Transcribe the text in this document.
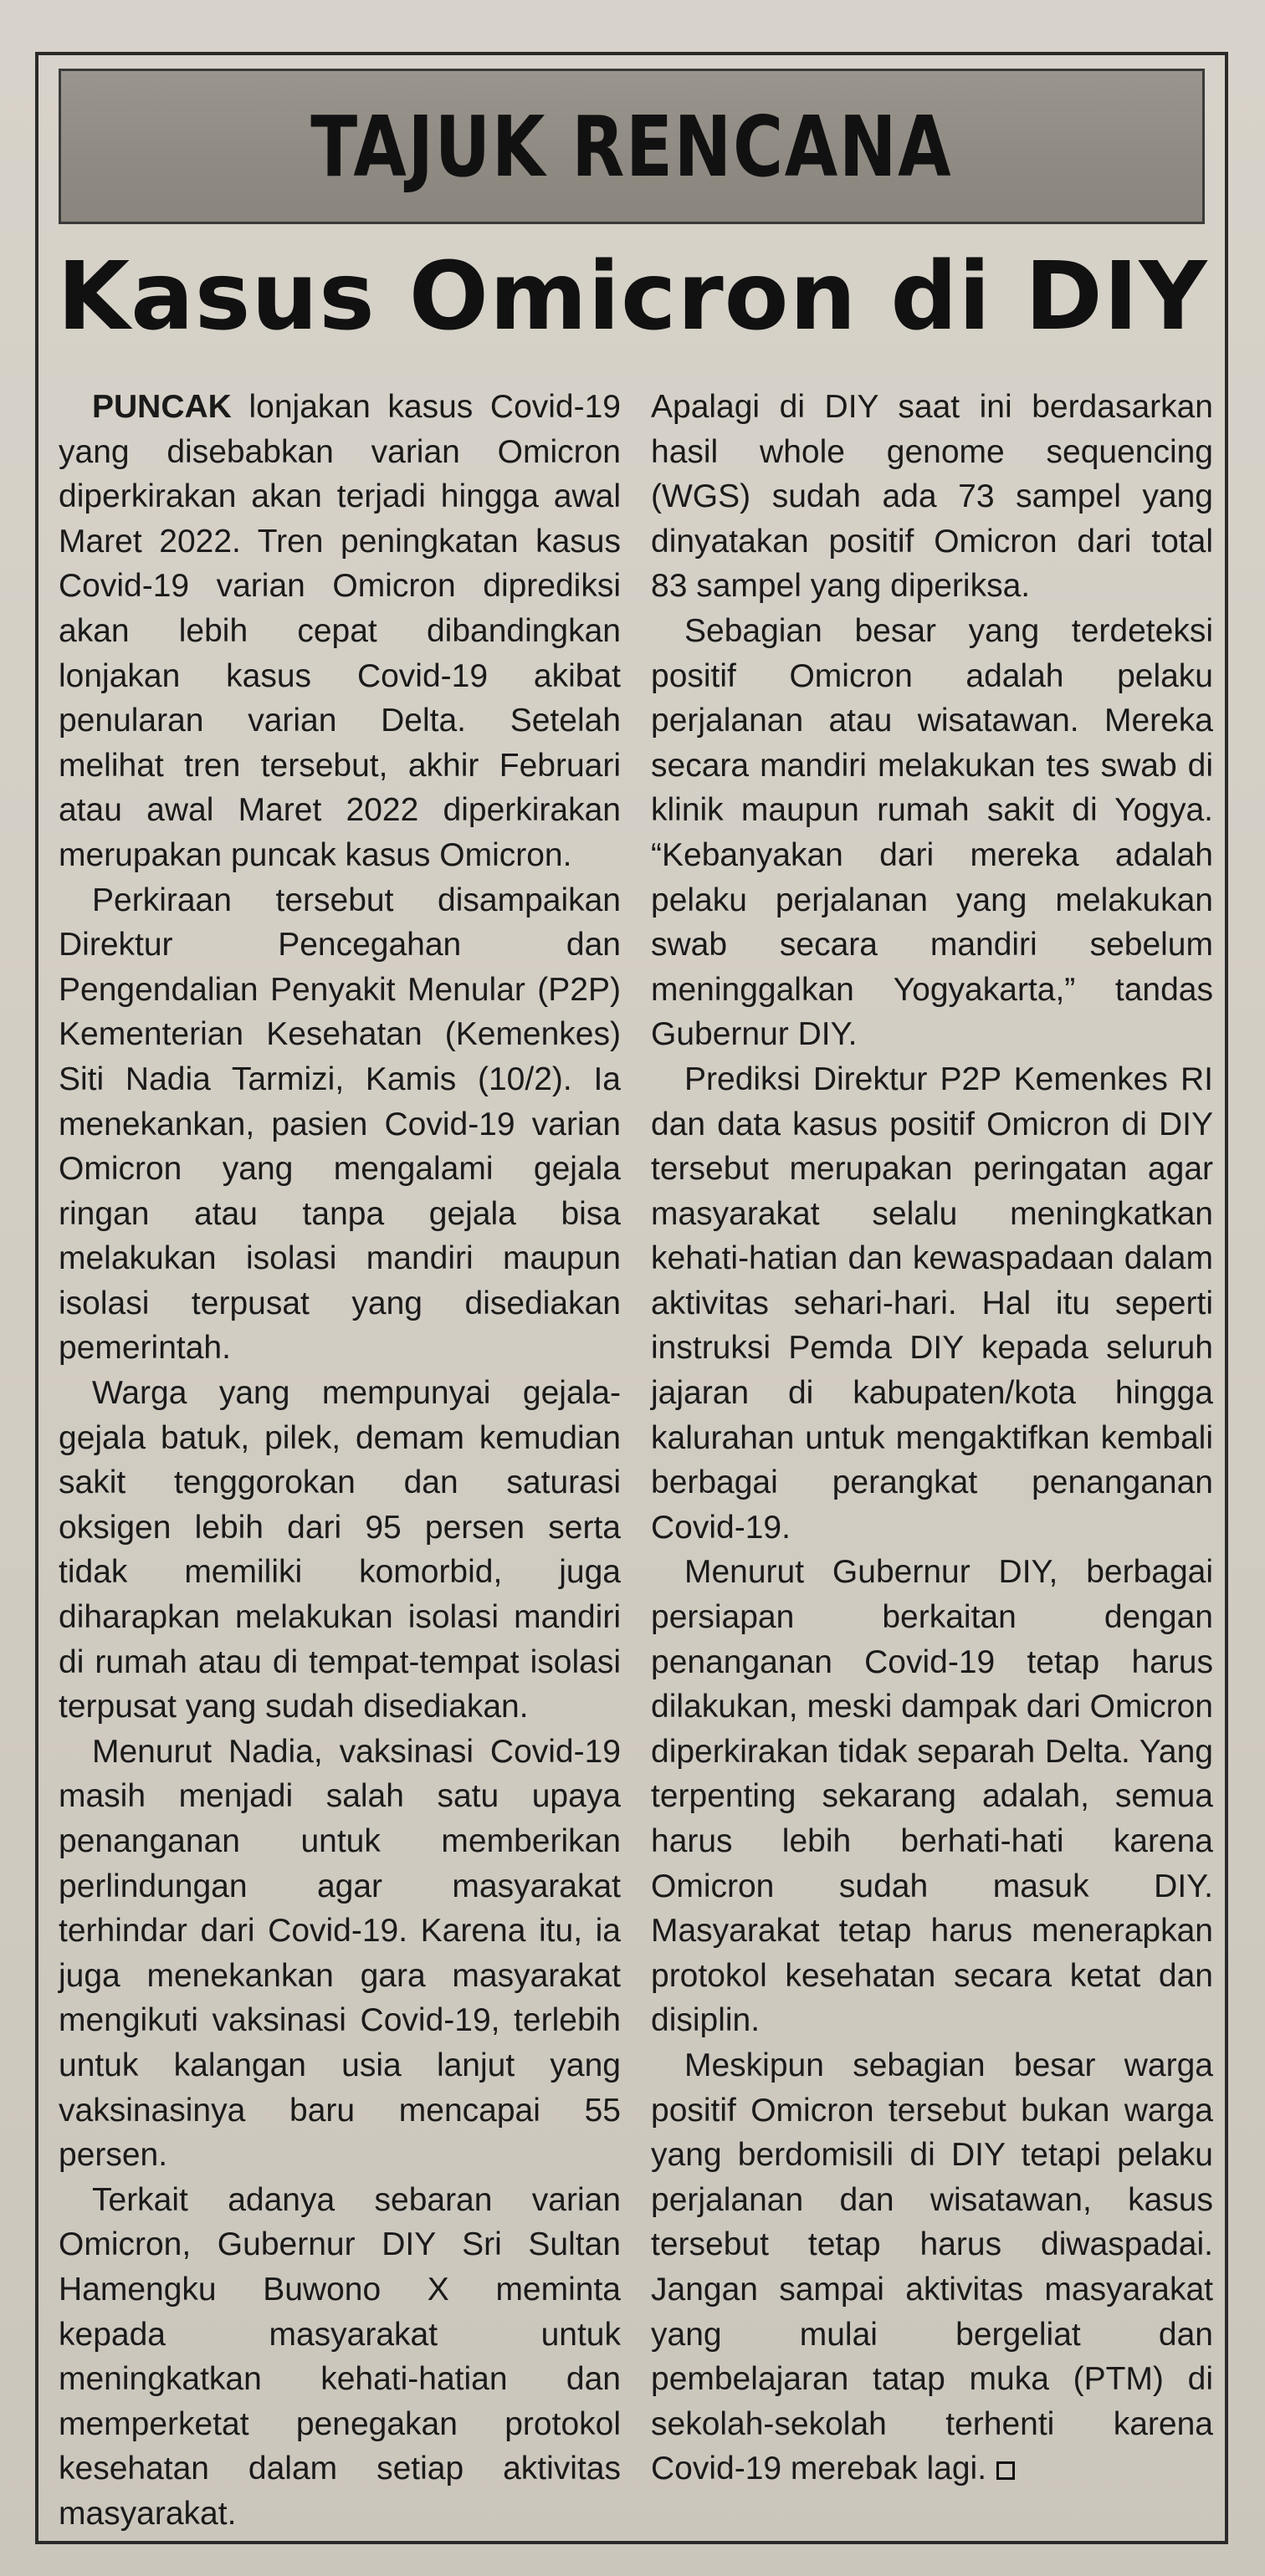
TAJUK RENCANA
Kasus Omicron di DIY

PUNCAK lonjakan kasus Covid-19 yang disebabkan varian Omicron diperkirakan akan terjadi hingga awal Maret 2022. Tren peningkatan kasus Covid-19 varian Omicron diprediksi akan lebih cepat dibandingkan lonjakan kasus Covid-19 akibat penularan varian Delta. Setelah melihat tren tersebut, akhir Februari atau awal Maret 2022 diperkirakan merupakan puncak kasus Omicron.

Perkiraan tersebut disampaikan Direktur Pencegahan dan Pengendalian Penyakit Menular (P2P) Kementerian Kesehatan (Kemenkes) Siti Nadia Tarmizi, Kamis (10/2). Ia menekankan, pasien Covid-19 varian Omicron yang mengalami gejala ringan atau tanpa gejala bisa melakukan isolasi mandiri maupun isolasi terpusat yang disediakan pemerintah.

Warga yang mempunyai gejala-gejala batuk, pilek, demam kemudian sakit tenggorokan dan saturasi oksigen lebih dari 95 persen serta tidak memiliki komorbid, juga diharapkan melakukan isolasi mandiri di rumah atau di tempat-tempat isolasi terpusat yang sudah disediakan.

Menurut Nadia, vaksinasi Covid-19 masih menjadi salah satu upaya penanganan untuk memberikan perlindungan agar masyarakat terhindar dari Covid-19. Karena itu, ia juga menekankan gara masyarakat mengikuti vaksinasi Covid-19, terlebih untuk kalangan usia lanjut yang vaksinasinya baru mencapai 55 persen.

Terkait adanya sebaran varian Omicron, Gubernur DIY Sri Sultan Hamengku Buwono X meminta kepada masyarakat untuk meningkatkan kehati-hatian dan memperketat penegakan protokol kesehatan dalam setiap aktivitas masyarakat.

Apalagi di DIY saat ini berdasarkan hasil whole genome sequencing (WGS) sudah ada 73 sampel yang dinyatakan positif Omicron dari total 83 sampel yang diperiksa.

Sebagian besar yang terdeteksi positif Omicron adalah pelaku perjalanan atau wisatawan. Mereka secara mandiri melakukan tes swab di klinik maupun rumah sakit di Yogya. “Kebanyakan dari mereka adalah pelaku perjalanan yang melakukan swab secara mandiri sebelum meninggalkan Yogyakarta,” tandas Gubernur DIY.

Prediksi Direktur P2P Kemenkes RI dan data kasus positif Omicron di DIY tersebut merupakan peringatan agar masyarakat selalu meningkatkan kehati-hatian dan kewaspadaan dalam aktivitas sehari-hari. Hal itu seperti instruksi Pemda DIY kepada seluruh jajaran di kabupaten/kota hingga kalurahan untuk mengaktifkan kembali berbagai perangkat penanganan Covid-19.

Menurut Gubernur DIY, berbagai persiapan berkaitan dengan penanganan Covid-19 tetap harus dilakukan, meski dampak dari Omicron diperkirakan tidak separah Delta. Yang terpenting sekarang adalah, semua harus lebih berhati-hati karena Omicron sudah masuk DIY. Masyarakat tetap harus menerapkan protokol kesehatan secara ketat dan disiplin.

Meskipun sebagian besar warga positif Omicron tersebut bukan warga yang berdomisili di DIY tetapi pelaku perjalanan dan wisatawan, kasus tersebut tetap harus diwaspadai. Jangan sampai aktivitas masyarakat yang mulai bergeliat dan pembelajaran tatap muka (PTM) di sekolah-sekolah terhenti karena Covid-19 merebak lagi.
